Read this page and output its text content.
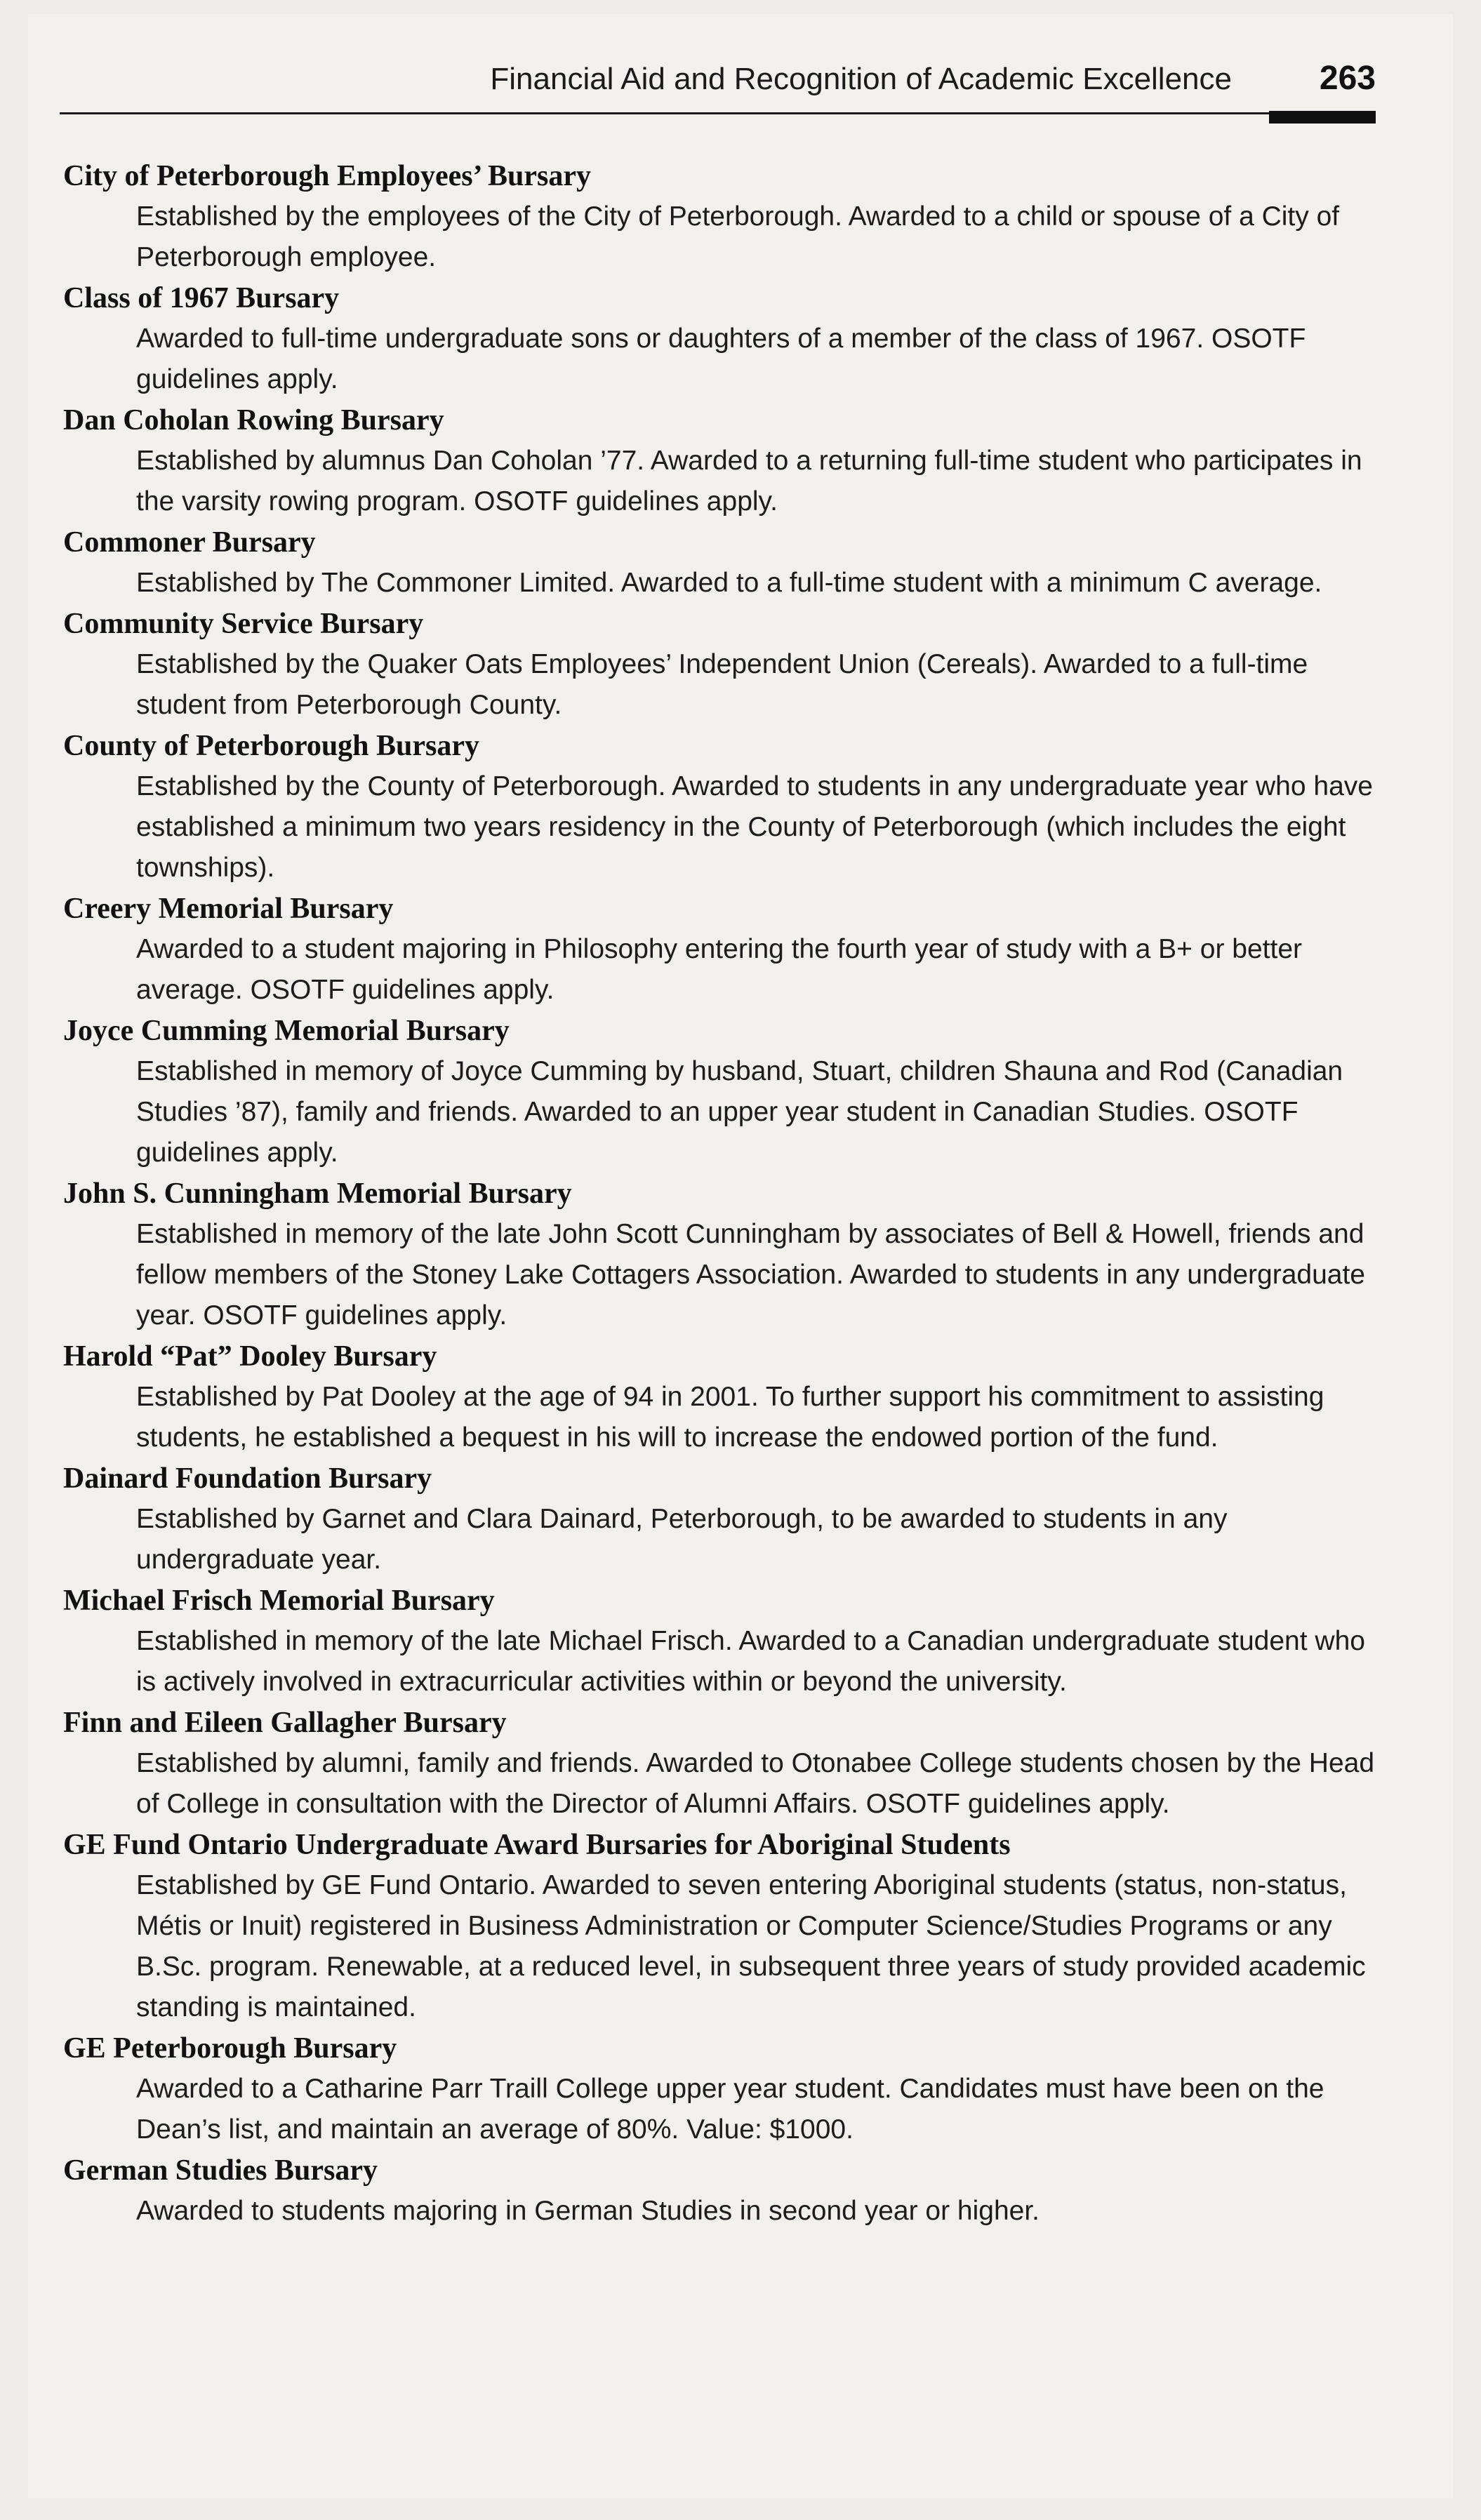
Financial Aid and Recognition of Academic Excellence	263
City of Peterborough Employees’ Bursary
Established by the employees of the City of Peterborough. Awarded to a child or spouse of a City of Peterborough employee.
Class of 1967 Bursary
Awarded to full-time undergraduate sons or daughters of a member of the class of 1967. OSOTF guidelines apply.
Dan Coholan Rowing Bursary
Established by alumnus Dan Coholan ’77. Awarded to a returning full-time student who participates in the varsity rowing program. OSOTF guidelines apply.
Commoner Bursary
Established by The Commoner Limited. Awarded to a full-time student with a minimum C average.
Community Service Bursary
Established by the Quaker Oats Employees’ Independent Union (Cereals). Awarded to a full-time student from Peterborough County.
County of Peterborough Bursary
Established by the County of Peterborough. Awarded to students in any undergraduate year who have established a minimum two years residency in the County of Peterborough (which includes the eight townships).
Creery Memorial Bursary
Awarded to a student majoring in Philosophy entering the fourth year of study with a B+ or better average. OSOTF guidelines apply.
Joyce Cumming Memorial Bursary
Established in memory of Joyce Cumming by husband, Stuart, children Shauna and Rod (Canadian Studies ’87), family and friends. Awarded to an upper year student in Canadian Studies. OSOTF guidelines apply.
John S. Cunningham Memorial Bursary
Established in memory of the late John Scott Cunningham by associates of Bell & Howell, friends and fellow members of the Stoney Lake Cottagers Association. Awarded to students in any undergraduate year. OSOTF guidelines apply.
Harold “Pat” Dooley Bursary
Established by Pat Dooley at the age of 94 in 2001. To further support his commitment to assisting students, he established a bequest in his will to increase the endowed portion of the fund.
Dainard Foundation Bursary
Established by Garnet and Clara Dainard, Peterborough, to be awarded to students in any undergraduate year.
Michael Frisch Memorial Bursary
Established in memory of the late Michael Frisch. Awarded to a Canadian undergraduate student who is actively involved in extracurricular activities within or beyond the university.
Finn and Eileen Gallagher Bursary
Established by alumni, family and friends. Awarded to Otonabee College students chosen by the Head of College in consultation with the Director of Alumni Affairs. OSOTF guidelines apply.
GE Fund Ontario Undergraduate Award Bursaries for Aboriginal Students
Established by GE Fund Ontario. Awarded to seven entering Aboriginal students (status, non-status, Métis or Inuit) registered in Business Administration or Computer Science/Studies Programs or any B.Sc. program. Renewable, at a reduced level, in subsequent three years of study provided academic standing is maintained.
GE Peterborough Bursary
Awarded to a Catharine Parr Traill College upper year student. Candidates must have been on the Dean’s list, and maintain an average of 80%. Value: $1000.
German Studies Bursary
Awarded to students majoring in German Studies in second year or higher.
